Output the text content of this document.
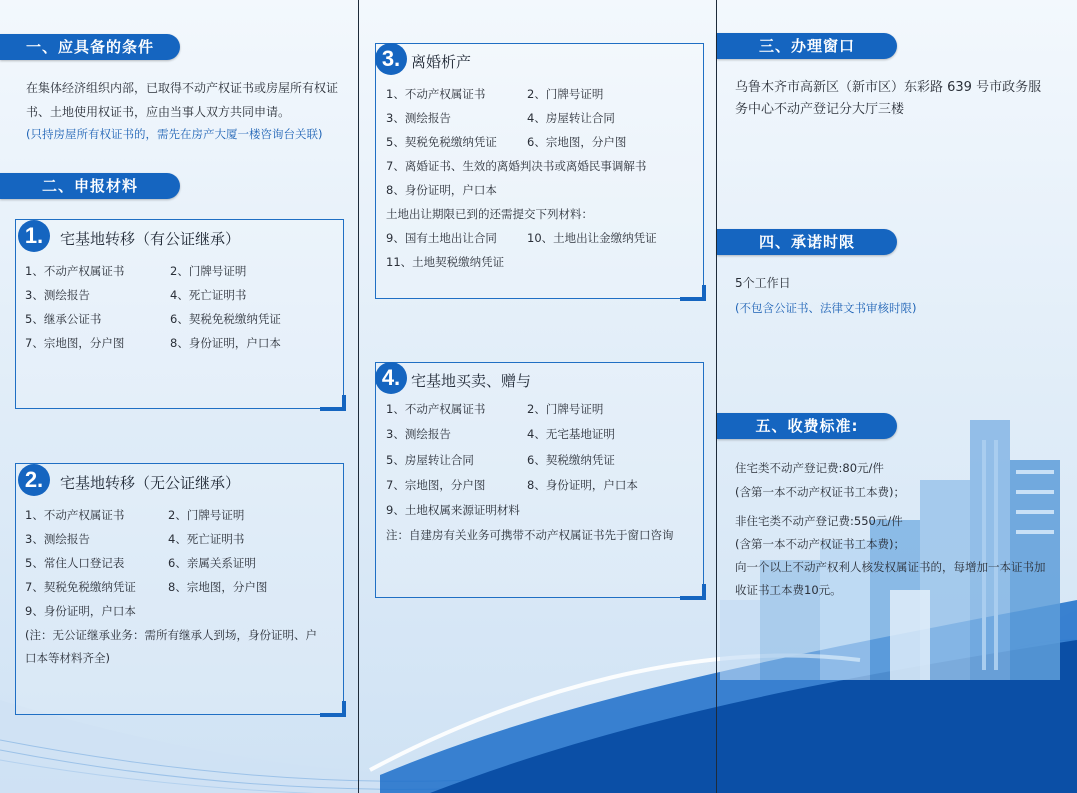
一、应具备的条件
在集体经济组织内部，已取得不动产权证书或房屋所有权证书、土地使用权证书，应由当事人双方共同申请。
(只持房屋所有权证书的，需先在房产大厦一楼咨询台关联)
二、申报材料
1.	宅基地转移（有公证继承）
1、不动产权属证书	2、门牌号证明
3、测绘报告	4、死亡证明书
5、继承公证书	6、契税免税缴纳凭证
7、宗地图，分户图	8、身份证明，户口本
2.	宅基地转移（无公证继承）
1、不动产权属证书	2、门牌号证明
3、测绘报告	4、死亡证明书
5、常住人口登记表	6、亲属关系证明
7、契税免税缴纳凭证	8、宗地图，分户图
9、身份证明，户口本
(注：无公证继承业务：需所有继承人到场，身份证明、户
口本等材料齐全)
3. 离婚析产
1、不动产权属证书	2、门牌号证明
3、测绘报告	4、房屋转让合同
5、契税免税缴纳凭证	6、宗地图，分户图
7、离婚证书、生效的离婚判决书或离婚民事调解书
8、身份证明，户口本
土地出让期限已到的还需提交下列材料：
9、国有土地出让合同	10、土地出让金缴纳凭证
11、土地契税缴纳凭证
4. 宅基地买卖、赠与
1、不动产权属证书	2、门牌号证明
3、测绘报告	4、无宅基地证明
5、房屋转让合同	6、契税缴纳凭证
7、宗地图，分户图	8、身份证明，户口本
9、土地权属来源证明材料
注：自建房有关业务可携带不动产权属证书先于窗口咨询
三、办理窗口
乌鲁木齐市高新区（新市区）东彩路 639 号市政务服
务中心不动产登记分大厅三楼
四、承诺时限
5个工作日
(不包含公证书、法律文书审核时限)
五、收费标准:
住宅类不动产登记费:80元/件
(含第一本不动产权证书工本费)；
非住宅类不动产登记费:550元/件
(含第一本不动产权证书工本费)；
向一个以上不动产权利人核发权属证书的，每增加一本证书加
收证书工本费10元。
